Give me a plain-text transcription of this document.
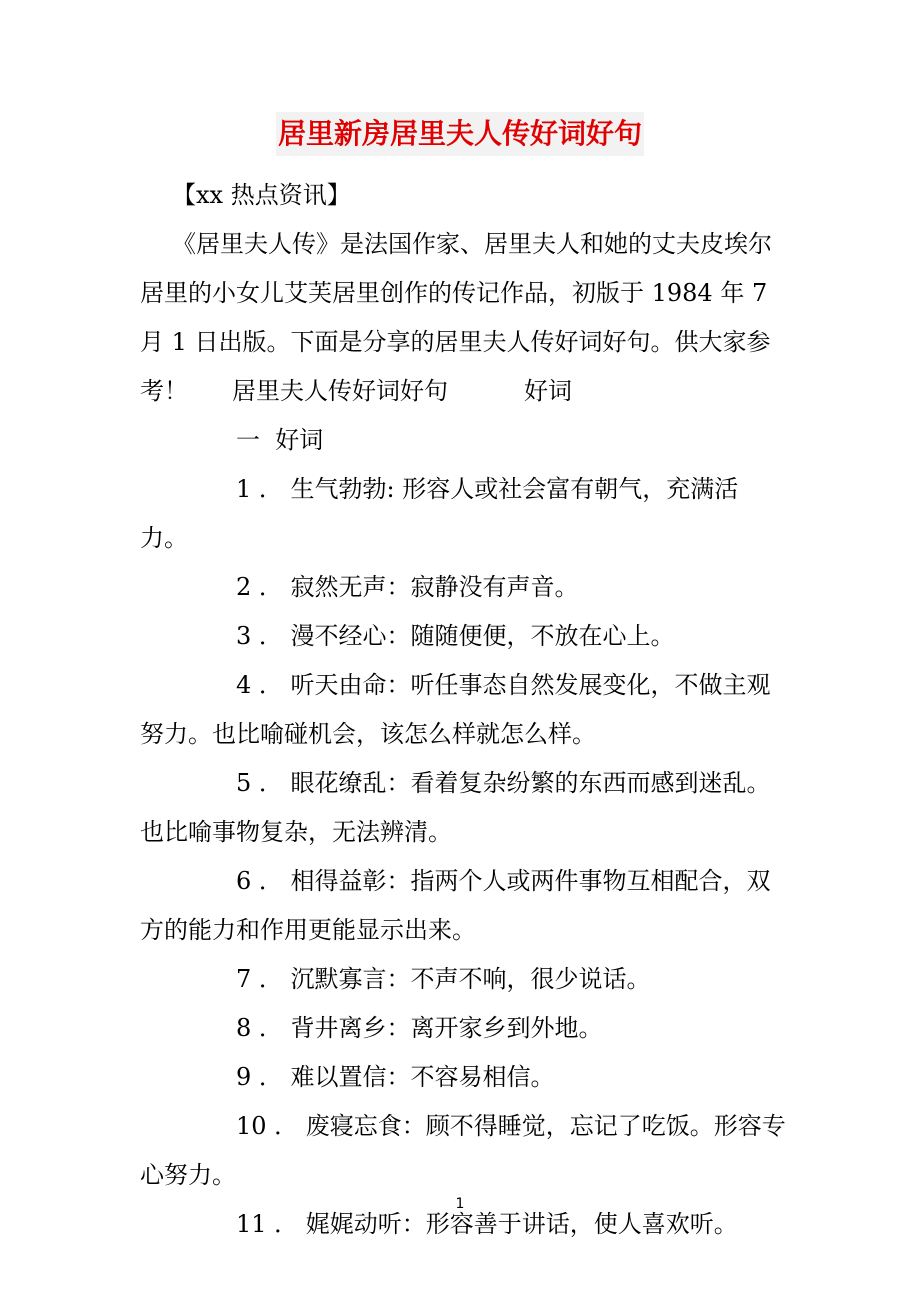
居里新房居里夫人传好词好句

【xx 热点资讯】

《居里夫人传》是法国作家、居里夫人和她的丈夫皮埃尔居里的小女儿艾芙居里创作的传记作品，初版于 1984 年 7 月 1 日出版。下面是分享的居里夫人传好词好句。供大家参考！ 居里夫人传好词好句	好词

一  好词

1 ． 生气勃勃: 形容人或社会富有朝气，充满活力。

2 ． 寂然无声：寂静没有声音。

3 ． 漫不经心：随随便便，不放在心上。

4 ． 听天由命：听任事态自然发展变化，不做主观努力。也比喻碰机会，该怎么样就怎么样。

5 ． 眼花缭乱：看着复杂纷繁的东西而感到迷乱。也比喻事物复杂，无法辨清。

6 ． 相得益彰：指两个人或两件事物互相配合，双方的能力和作用更能显示出来。

7 ． 沉默寡言：不声不响，很少说话。

8 ． 背井离乡：离开家乡到外地。

9 ． 难以置信：不容易相信。

10 ． 废寝忘食：顾不得睡觉，忘记了吃饭。形容专心努力。

11 ． 娓娓动听：形容善于讲话，使人喜欢听。

1
